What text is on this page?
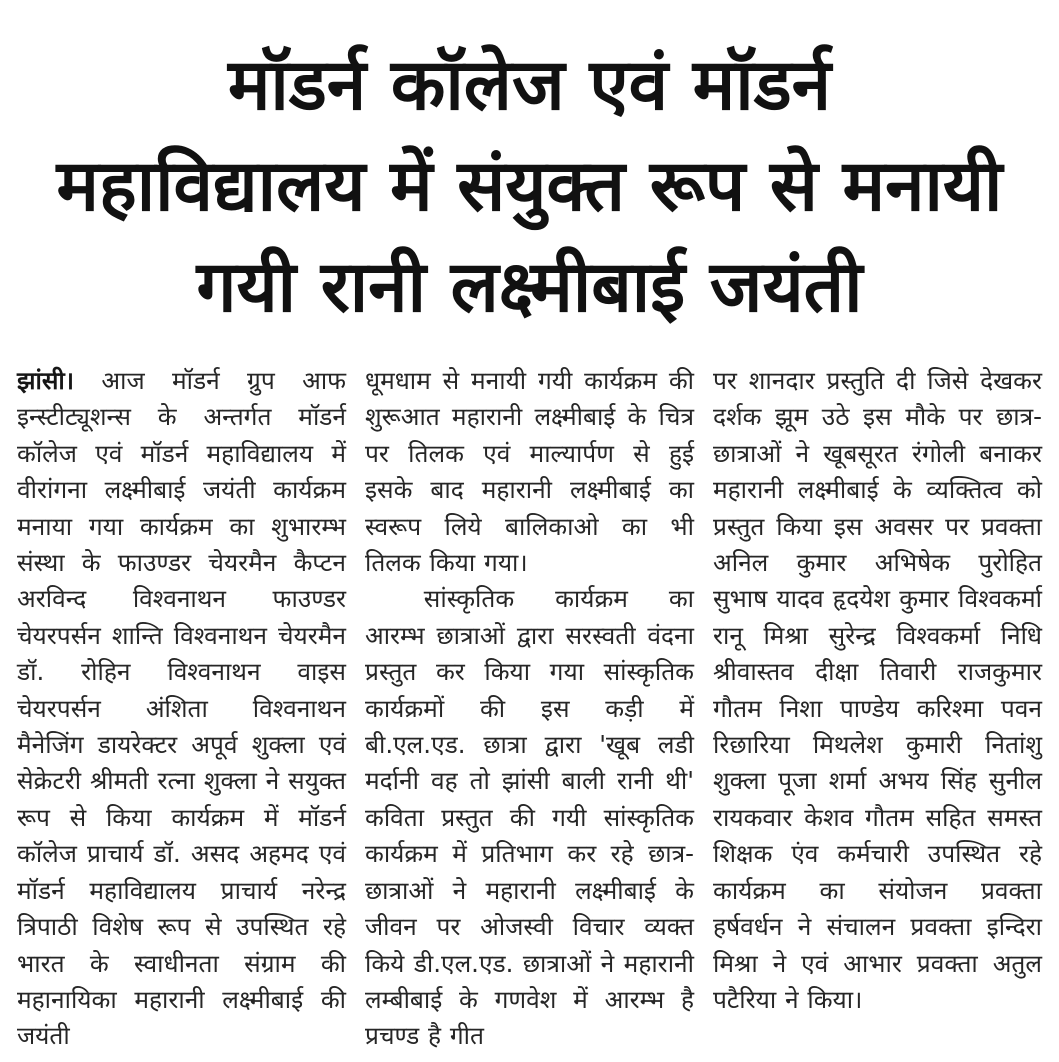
मॉडर्न कॉलेज एवं मॉडर्न
महाविद्यालय में संयुक्त रूप से मनायी
गयी रानी लक्ष्मीबाई जयंती

झांसी। आज मॉडर्न ग्रुप आफ इन्स्टीट्यूशन्स के अन्तर्गत मॉडर्न कॉलेज एवं मॉडर्न महाविद्यालय में वीरांगना लक्ष्मीबाई जयंती कार्यक्रम मनाया गया कार्यक्रम का शुभारम्भ संस्था के फाउण्डर चेयरमैन कैप्टन अरविन्द विश्वनाथन फाउण्डर चेयरपर्सन शान्ति विश्वनाथन चेयरमैन डॉ. रोहिन विश्वनाथन वाइस चेयरपर्सन अंशिता विश्वनाथन मैनेजिंग डायरेक्टर अपूर्व शुक्ला एवं सेक्रेटरी श्रीमती रत्ना शुक्ला ने सयुक्त रूप से किया कार्यक्रम में मॉडर्न कॉलेज प्राचार्य डॉ. असद अहमद एवं मॉडर्न महाविद्यालय प्राचार्य नरेन्द्र त्रिपाठी विशेष रूप से उपस्थित रहे भारत के स्वाधीनता संग्राम की महानायिका महारानी लक्ष्मीबाई की जयंती

धूमधाम से मनायी गयी कार्यक्रम की शुरूआत महारानी लक्ष्मीबाई के चित्र पर तिलक एवं माल्यार्पण से हुई इसके बाद महारानी लक्ष्मीबाई का स्वरूप लिये बालिकाओ का भी तिलक किया गया।

सांस्कृतिक कार्यक्रम का आरम्भ छात्राओं द्वारा सरस्वती वंदना प्रस्तुत कर किया गया सांस्कृतिक कार्यक्रमों की इस कड़ी में बी.एल.एड. छात्रा द्वारा 'खूब लडी मर्दानी वह तो झांसी बाली रानी थी' कविता प्रस्तुत की गयी सांस्कृतिक कार्यक्रम में प्रतिभाग कर रहे छात्र-छात्राओं ने महारानी लक्ष्मीबाई के जीवन पर ओजस्वी विचार व्यक्त किये डी.एल.एड. छात्राओं ने महारानी लम्बीबाई के गणवेश में आरम्भ है प्रचण्ड है गीत

पर शानदार प्रस्तुति दी जिसे देखकर दर्शक झूम उठे इस मौके पर छात्र-छात्राओं ने खूबसूरत रंगोली बनाकर महारानी लक्ष्मीबाई के व्यक्तित्व को प्रस्तुत किया इस अवसर पर प्रवक्ता अनिल कुमार अभिषेक पुरोहित सुभाष यादव हृदयेश कुमार विश्वकर्मा रानू मिश्रा सुरेन्द्र विश्वकर्मा निधि श्रीवास्तव दीक्षा तिवारी राजकुमार गौतम निशा पाण्डेय करिश्मा पवन रिछारिया मिथलेश कुमारी नितांशु शुक्ला पूजा शर्मा अभय सिंह सुनील रायकवार केशव गौतम सहित समस्त शिक्षक एंव कर्मचारी उपस्थित रहे कार्यक्रम का संयोजन प्रवक्ता हर्षवर्धन ने संचालन प्रवक्ता इन्दिरा मिश्रा ने एवं आभार प्रवक्ता अतुल पटैरिया ने किया।
